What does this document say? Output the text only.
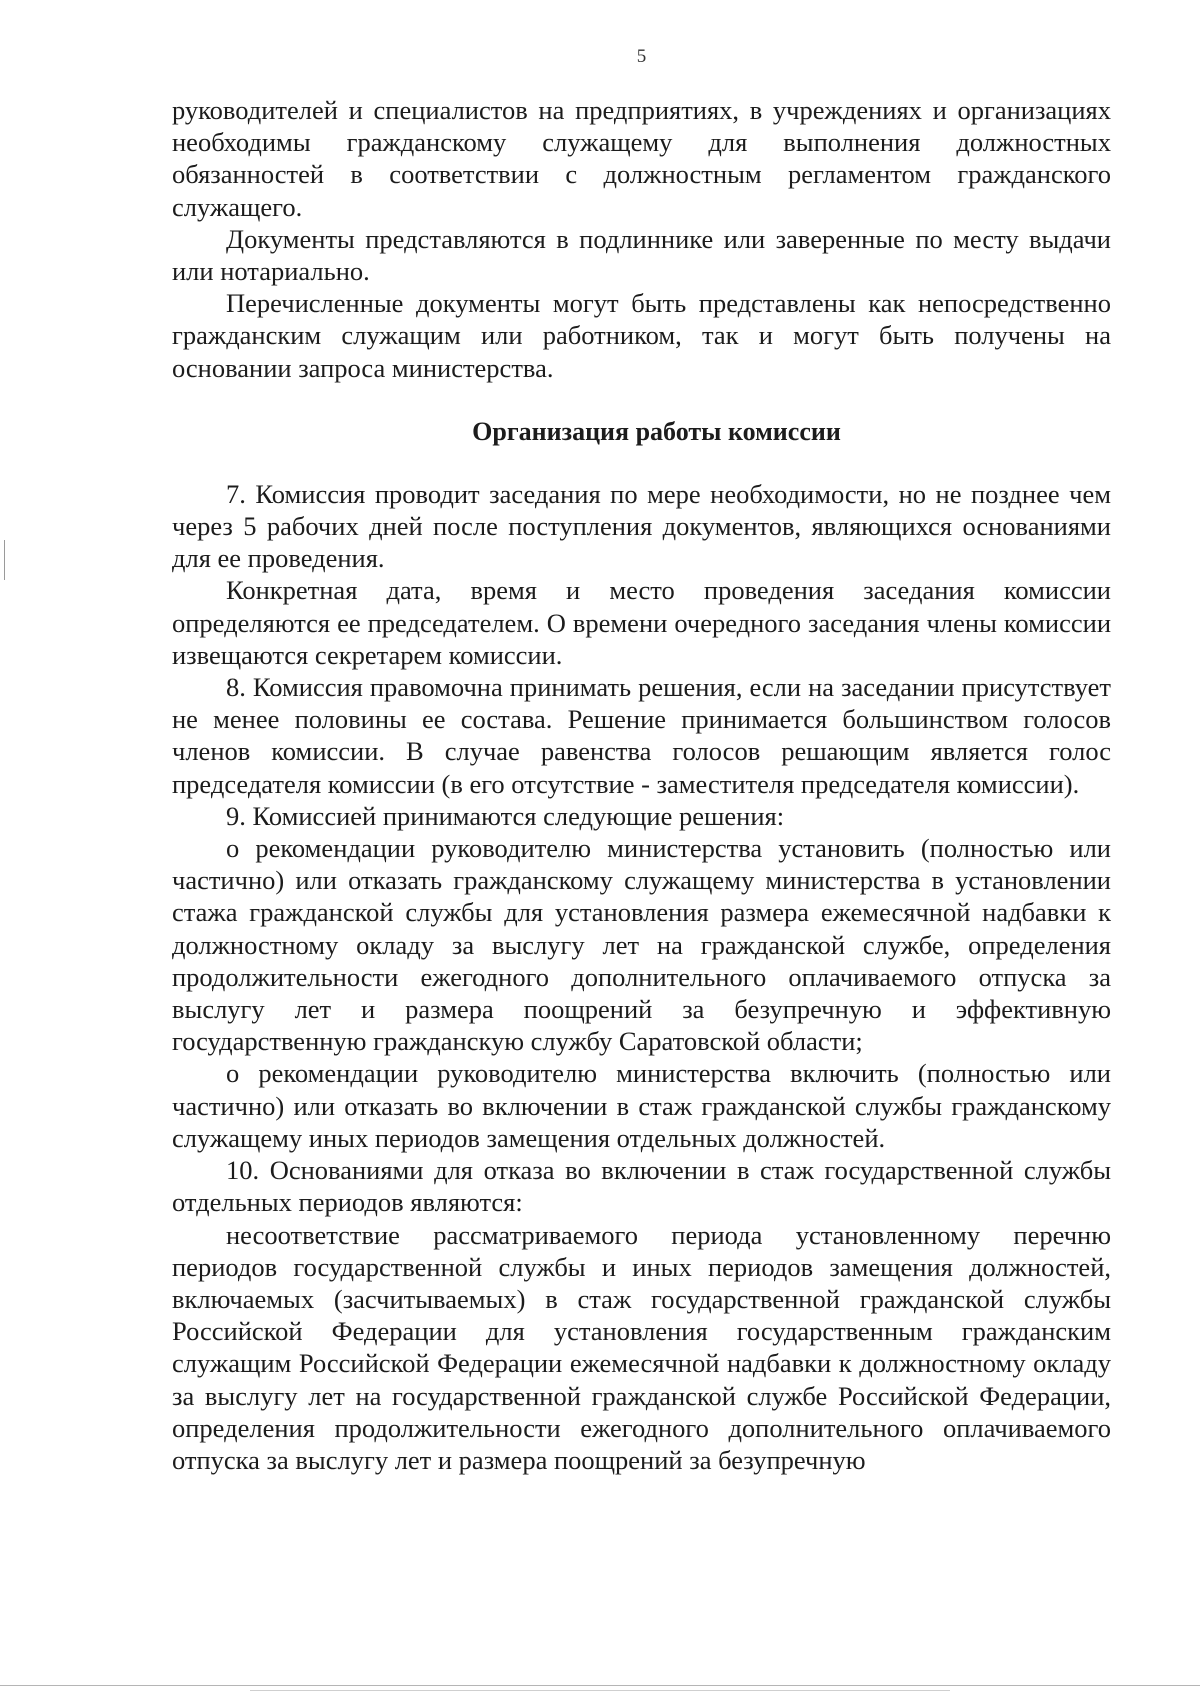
5

руководителей и специалистов на предприятиях, в учреждениях и организациях необходимы гражданскому служащему для выполнения должностных обязанностей в соответствии с должностным регламентом гражданского служащего.

Документы представляются в подлиннике или заверенные по месту выдачи или нотариально.

Перечисленные документы могут быть представлены как непосредственно гражданским служащим или работником, так и могут быть получены на основании запроса министерства.

Организация работы комиссии

7. Комиссия проводит заседания по мере необходимости, но не позднее чем через 5 рабочих дней после поступления документов, являющихся основаниями для ее проведения.

Конкретная дата, время и место проведения заседания комиссии определяются ее председателем. О времени очередного заседания члены комиссии извещаются секретарем комиссии.

8. Комиссия правомочна принимать решения, если на заседании присутствует не менее половины ее состава. Решение принимается большинством голосов членов комиссии. В случае равенства голосов решающим является голос председателя комиссии (в его отсутствие - заместителя председателя комиссии).

9. Комиссией принимаются следующие решения:

о рекомендации руководителю министерства установить (полностью или частично) или отказать гражданскому служащему министерства в установлении стажа гражданской службы для установления размера ежемесячной надбавки к должностному окладу за выслугу лет на гражданской службе, определения продолжительности ежегодного дополнительного оплачиваемого отпуска за выслугу лет и размера поощрений за безупречную и эффективную государственную гражданскую службу Саратовской области;

о рекомендации руководителю министерства включить (полностью или частично) или отказать во включении в стаж гражданской службы гражданскому служащему иных периодов замещения отдельных должностей.

10. Основаниями для отказа во включении в стаж государственной службы отдельных периодов являются:

несоответствие рассматриваемого периода установленному перечню периодов государственной службы и иных периодов замещения должностей, включаемых (засчитываемых) в стаж государственной гражданской службы Российской Федерации для установления государственным гражданским служащим Российской Федерации ежемесячной надбавки к должностному окладу за выслугу лет на государственной гражданской службе Российской Федерации, определения продолжительности ежегодного дополнительного оплачиваемого отпуска за выслугу лет и размера поощрений за безупречную
